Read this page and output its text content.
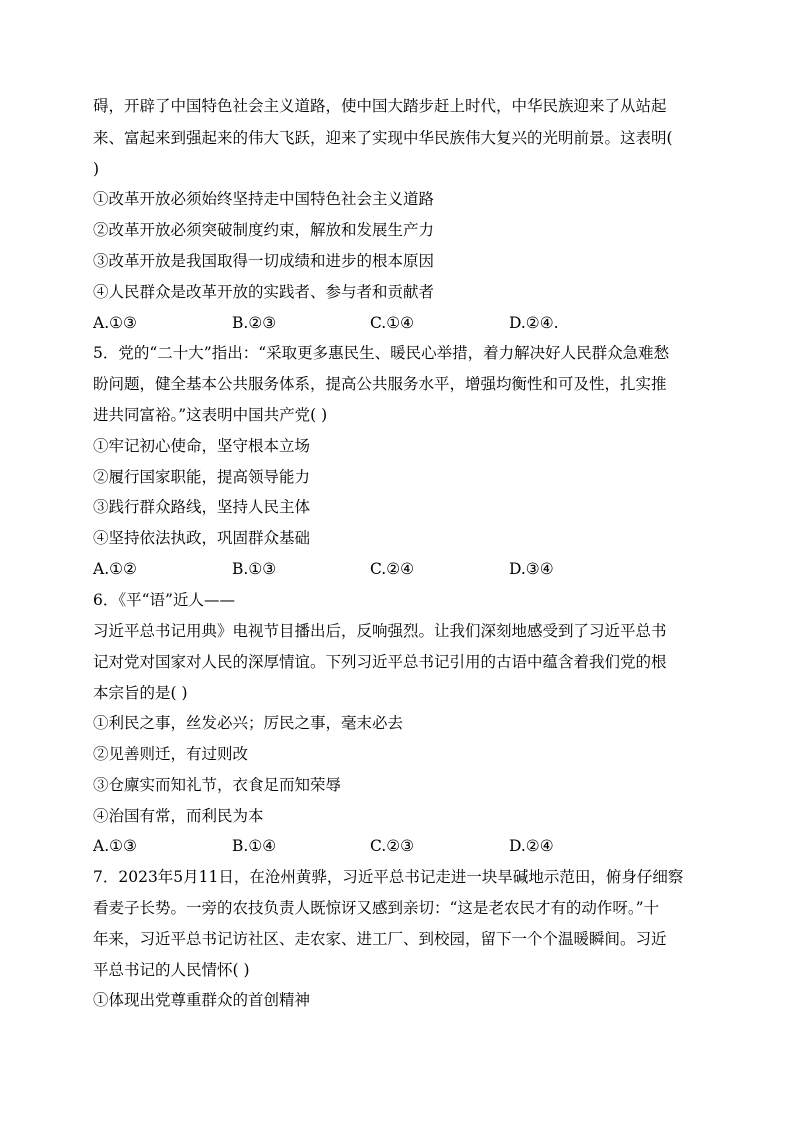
碍，开辟了中国特色社会主义道路，使中国大踏步赶上时代，中华民族迎来了从站起
来、富起来到强起来的伟大飞跃，迎来了实现中华民族伟大复兴的光明前景。这表明(
)
①改革开放必须始终坚持走中国特色社会主义道路
②改革开放必须突破制度约束，解放和发展生产力
③改革开放是我国取得一切成绩和进步的根本原因
④人民群众是改革开放的实践者、参与者和贡献者
A.①③	B.②③	C.①④	D.②④.
5．党的“二十大”指出：“采取更多惠民生、暖民心举措，着力解决好人民群众急难愁
盼问题，健全基本公共服务体系，提高公共服务水平，增强均衡性和可及性，扎实推
进共同富裕。”这表明中国共产党( )
①牢记初心使命，坚守根本立场
②履行国家职能，提高领导能力
③践行群众路线，坚持人民主体
④坚持依法执政，巩固群众基础
A.①②	B.①③	C.②④	D.③④
6．《平“语”近人——
习近平总书记用典》电视节目播出后，反响强烈。让我们深刻地感受到了习近平总书
记对党对国家对人民的深厚情谊。下列习近平总书记引用的古语中蕴含着我们党的根
本宗旨的是( )
①利民之事，丝发必兴；厉民之事，毫末必去
②见善则迁，有过则改
③仓廪实而知礼节，衣食足而知荣辱
④治国有常，而利民为本
A.①③	B.①④	C.②③	D.②④
7．2023年5月11日，在沧州黄骅，习近平总书记走进一块旱碱地示范田，俯身仔细察
看麦子长势。一旁的农技负责人既惊讶又感到亲切：“这是老农民才有的动作呀。”十
年来，习近平总书记访社区、走农家、进工厂、到校园，留下一个个温暖瞬间。习近
平总书记的人民情怀( )
①体现出党尊重群众的首创精神
